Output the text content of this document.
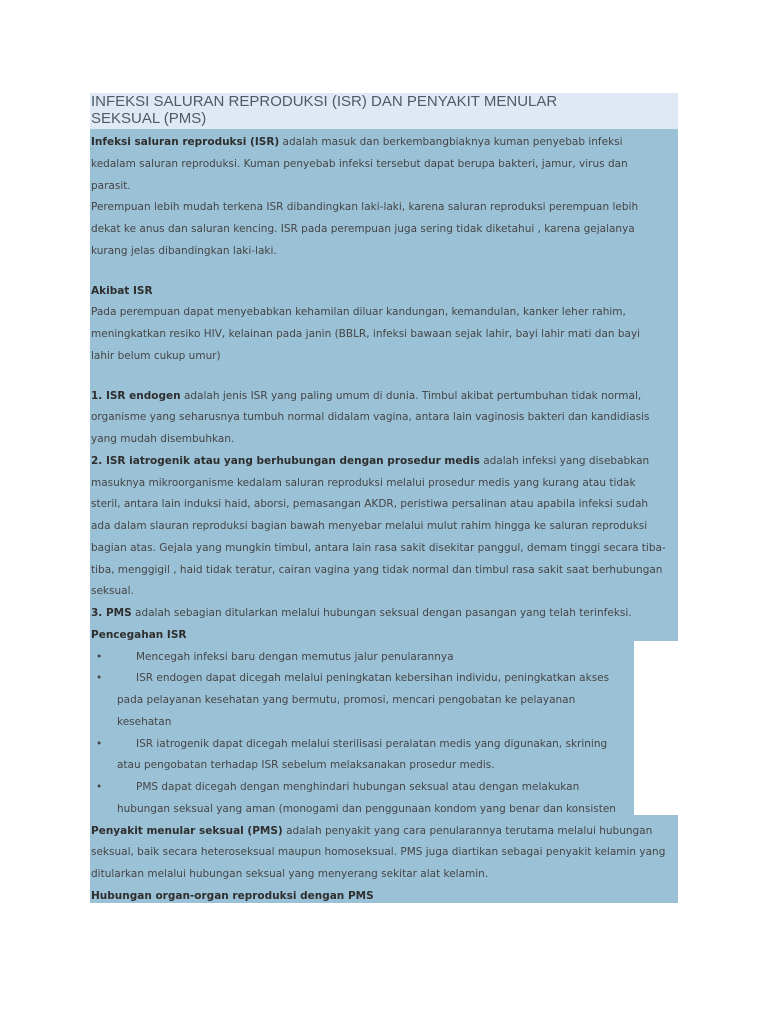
INFEKSI SALURAN REPRODUKSI (ISR) DAN PENYAKIT MENULAR
SEKSUAL (PMS)
Infeksi saluran reproduksi (ISR) adalah masuk dan berkembangbiaknya kuman penyebab infeksi
kedalam saluran reproduksi. Kuman penyebab infeksi tersebut dapat berupa bakteri, jamur, virus dan
parasit.
Perempuan lebih mudah terkena ISR dibandingkan laki-laki, karena saluran reproduksi perempuan lebih
dekat ke anus dan saluran kencing. ISR pada perempuan juga sering tidak diketahui , karena gejalanya
kurang jelas dibandingkan laki-laki.
Akibat ISR
Pada perempuan dapat menyebabkan kehamilan diluar kandungan, kemandulan, kanker leher rahim,
meningkatkan resiko HIV, kelainan pada janin (BBLR, infeksi bawaan sejak lahir, bayi lahir mati dan bayi
lahir belum cukup umur)
1. ISR endogen adalah jenis ISR yang paling umum di dunia. Timbul akibat pertumbuhan tidak normal,
organisme yang seharusnya tumbuh normal didalam vagina, antara lain vaginosis bakteri dan kandidiasis
yang mudah disembuhkan.
2. ISR iatrogenik atau yang berhubungan dengan prosedur medis adalah infeksi yang disebabkan
masuknya mikroorganisme kedalam saluran reproduksi melalui prosedur medis yang kurang atau tidak
steril, antara lain induksi haid, aborsi, pemasangan AKDR, peristiwa persalinan atau apabila infeksi sudah
ada dalam slauran reproduksi bagian bawah menyebar melalui mulut rahim hingga ke saluran reproduksi
bagian atas. Gejala yang mungkin timbul, antara lain rasa sakit disekitar panggul, demam tinggi secara tiba-
tiba, menggigil , haid tidak teratur, cairan vagina yang tidak normal dan timbul rasa sakit saat berhubungan
seksual.
3. PMS adalah sebagian ditularkan melalui hubungan seksual dengan pasangan yang telah terinfeksi.
Pencegahan ISR
•	Mencegah infeksi baru dengan memutus jalur penularannya
•	ISR endogen dapat dicegah melalui peningkatan kebersihan individu, peningkatkan akses
pada pelayanan kesehatan yang bermutu, promosi, mencari pengobatan ke pelayanan
kesehatan
•	ISR iatrogenik dapat dicegah melalui sterilisasi peralatan medis yang digunakan, skrining
atau pengobatan terhadap ISR sebelum melaksanakan prosedur medis.
•	PMS dapat dicegah dengan menghindari hubungan seksual atau dengan melakukan
hubungan seksual yang aman (monogami dan penggunaan kondom yang benar dan konsisten
Penyakit menular seksual (PMS) adalah penyakit yang cara penularannya terutama melalui hubungan
seksual, baik secara heteroseksual maupun homoseksual. PMS juga diartikan sebagai penyakit kelamin yang
ditularkan melalui hubungan seksual yang menyerang sekitar alat kelamin.
Hubungan organ-organ reproduksi dengan PMS
